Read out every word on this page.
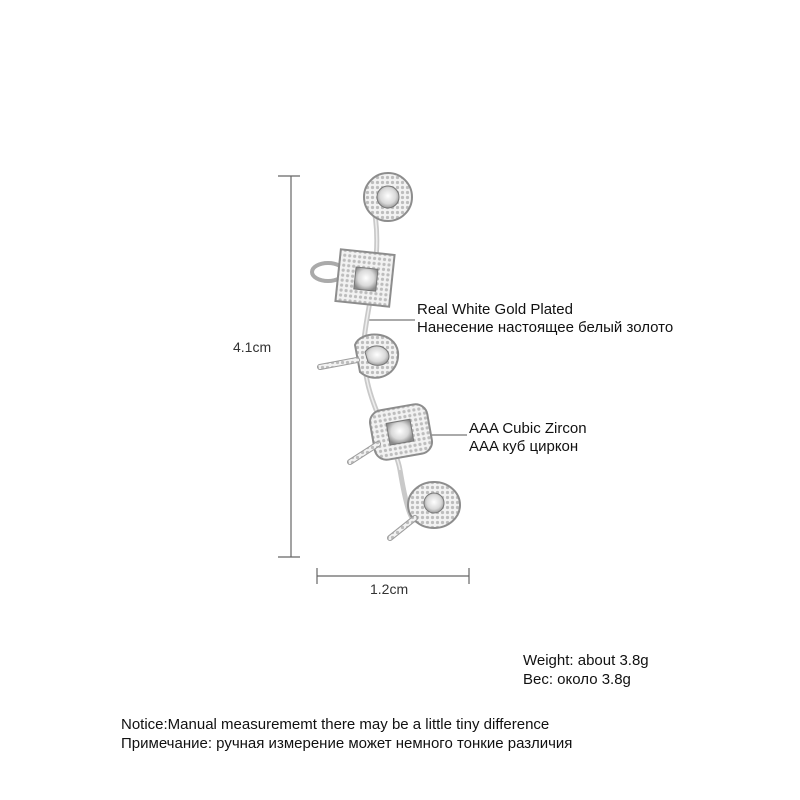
4.1cm
1.2cm
Real White Gold Plated
Нанесение настоящее белый золото
AAA Cubic Zircon
AAA куб циркон
Weight: about 3.8g
Вес: около 3.8g
Notice:Manual measurememt there may be a little tiny difference
Примечание: ручная измерение может немного тонкие различия
